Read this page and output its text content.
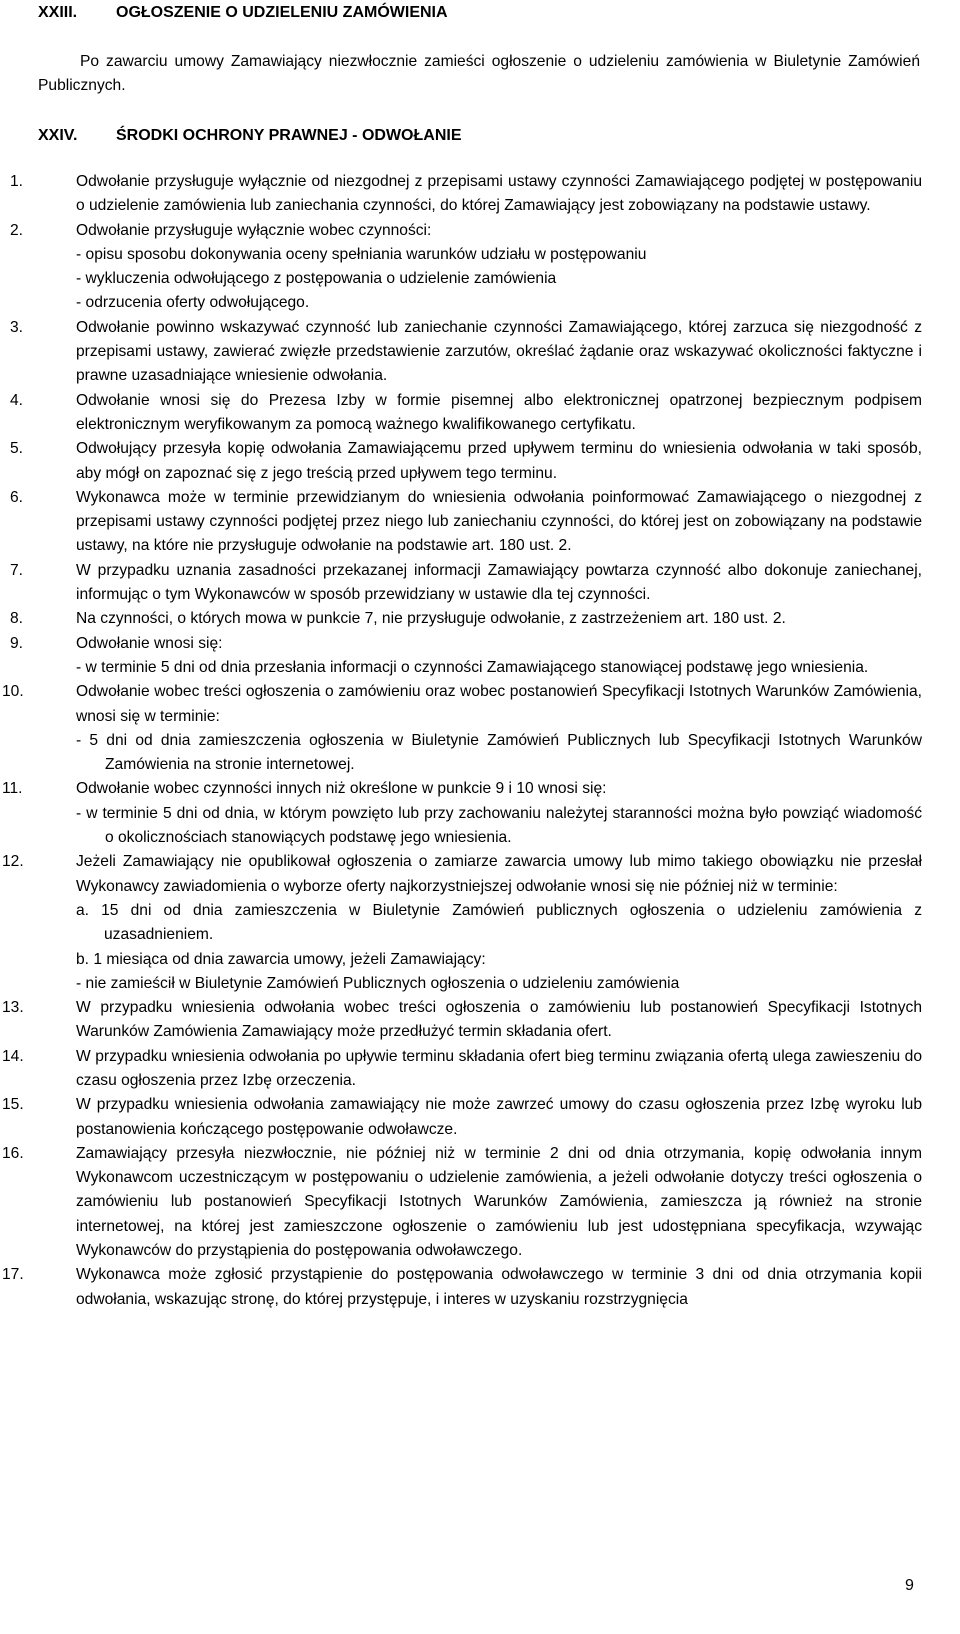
XXIII.	OGŁOSZENIE O UDZIELENIU ZAMÓWIENIA
Po zawarciu umowy Zamawiający niezwłocznie zamieści ogłoszenie o udzieleniu zamówienia w Biuletynie Zamówień Publicznych.
XXIV.	ŚRODKI OCHRONY PRAWNEJ - ODWOŁANIE
1.	Odwołanie przysługuje wyłącznie od niezgodnej z przepisami ustawy czynności Zamawiającego podjętej w postępowaniu o udzielenie zamówienia lub zaniechania czynności, do której Zamawiający jest zobowiązany na podstawie ustawy.
2.	Odwołanie przysługuje wyłącznie wobec czynności:
- opisu sposobu dokonywania oceny spełniania warunków udziału w postępowaniu
- wykluczenia odwołującego z postępowania o udzielenie zamówienia
- odrzucenia oferty odwołującego.
3.	Odwołanie powinno wskazywać czynność lub zaniechanie czynności Zamawiającego, której zarzuca się niezgodność z przepisami ustawy, zawierać zwięzłe przedstawienie zarzutów, określać żądanie oraz wskazywać okoliczności faktyczne i prawne uzasadniające wniesienie odwołania.
4.	Odwołanie wnosi się do Prezesa Izby w formie pisemnej albo elektronicznej opatrzonej bezpiecznym podpisem elektronicznym weryfikowanym za pomocą ważnego kwalifikowanego certyfikatu.
5.	Odwołujący przesyła kopię odwołania Zamawiającemu przed upływem terminu do wniesienia odwołania w taki sposób, aby mógł on zapoznać się z jego treścią przed upływem tego terminu.
6.	Wykonawca może w terminie przewidzianym do wniesienia odwołania poinformować Zamawiającego o niezgodnej z przepisami ustawy czynności podjętej przez niego lub zaniechaniu czynności, do której jest on zobowiązany na podstawie ustawy, na które nie przysługuje odwołanie na podstawie art. 180 ust. 2.
7.	W przypadku uznania zasadności przekazanej informacji Zamawiający powtarza czynność albo dokonuje zaniechanej, informując o tym Wykonawców w sposób przewidziany w ustawie dla tej czynności.
8.	Na czynności, o których mowa w punkcie 7, nie przysługuje odwołanie, z zastrzeżeniem art. 180 ust. 2.
9.	Odwołanie wnosi się:
- w terminie 5 dni od dnia przesłania informacji o czynności Zamawiającego stanowiącej podstawę jego wniesienia.
10.	Odwołanie wobec treści ogłoszenia o zamówieniu oraz wobec postanowień Specyfikacji Istotnych Warunków Zamówienia, wnosi się w terminie:
- 5 dni od dnia zamieszczenia ogłoszenia w Biuletynie Zamówień Publicznych lub Specyfikacji Istotnych Warunków Zamówienia na stronie internetowej.
11.	Odwołanie wobec czynności innych niż określone w punkcie 9 i 10 wnosi się:
- w terminie 5 dni od dnia, w którym powzięto lub przy zachowaniu należytej staranności można było powziąć wiadomość o okolicznościach stanowiących podstawę jego wniesienia.
12.	Jeżeli Zamawiający nie opublikował ogłoszenia o zamiarze zawarcia umowy lub mimo takiego obowiązku nie przesłał Wykonawcy zawiadomienia o wyborze oferty najkorzystniejszej odwołanie wnosi się nie później niż w terminie:
a. 15 dni od dnia zamieszczenia w Biuletynie Zamówień publicznych ogłoszenia o udzieleniu zamówienia z uzasadnieniem.
b. 1 miesiąca od dnia zawarcia umowy, jeżeli Zamawiający:
- nie zamieścił w Biuletynie Zamówień Publicznych ogłoszenia o udzieleniu zamówienia
13.	W przypadku wniesienia odwołania wobec treści ogłoszenia o zamówieniu lub postanowień Specyfikacji Istotnych Warunków Zamówienia Zamawiający może przedłużyć termin składania ofert.
14.	W przypadku wniesienia odwołania po upływie terminu składania ofert bieg terminu związania ofertą ulega zawieszeniu do czasu ogłoszenia przez Izbę orzeczenia.
15.	W przypadku wniesienia odwołania zamawiający nie może zawrzeć umowy do czasu ogłoszenia przez Izbę wyroku lub postanowienia kończącego postępowanie odwoławcze.
16.	Zamawiający przesyła niezwłocznie, nie później niż w terminie 2 dni od dnia otrzymania, kopię odwołania innym Wykonawcom uczestniczącym w postępowaniu o udzielenie zamówienia, a jeżeli odwołanie dotyczy treści ogłoszenia o zamówieniu lub postanowień Specyfikacji Istotnych Warunków Zamówienia, zamieszcza ją również na stronie internetowej, na której jest zamieszczone ogłoszenie o zamówieniu lub jest udostępniana specyfikacja, wzywając Wykonawców do przystąpienia do postępowania odwoławczego.
17.	Wykonawca może zgłosić przystąpienie do postępowania odwoławczego w terminie 3 dni od dnia otrzymania kopii odwołania, wskazując stronę, do której przystępuje, i interes w uzyskaniu rozstrzygnięcia
9
